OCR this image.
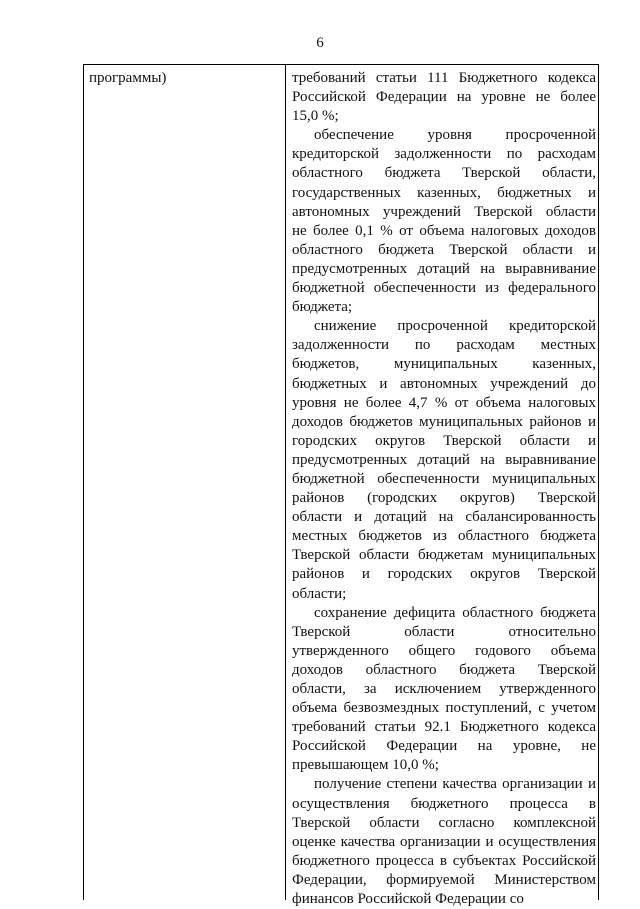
6
программы)	требований статьи 111 Бюджетного кодекса
Российской Федерации на уровне не более
15,0 %;

обеспечение уровня просроченной
кредиторской задолженности по расходам
областного бюджета Тверской области,
государственных казенных, бюджетных и
автономных учреждений Тверской области
не более 0,1 % от объема налоговых доходов
областного бюджета Тверской области и
предусмотренных дотаций на выравнивание
бюджетной обеспеченности из федерального
бюджета;

снижение просроченной кредиторской
задолженности по расходам местных
бюджетов, муниципальных казенных,
бюджетных и автономных учреждений до
уровня не более 4,7 % от объема налоговых
доходов бюджетов муниципальных районов и
городских округов Тверской области и
предусмотренных дотаций на выравнивание
бюджетной обеспеченности муниципальных
районов (городских округов) Тверской
области и дотаций на сбалансированность
местных бюджетов из областного бюджета
Тверской области бюджетам муниципальных
районов и городских округов Тверской
области;

сохранение дефицита областного бюджета
Тверской области относительно
утвержденного общего годового объема
доходов областного бюджета Тверской
области, за исключением утвержденного
объема безвозмездных поступлений, с учетом
требований статьи 92.1 Бюджетного кодекса
Российской Федерации на уровне, не
превышающем 10,0 %;

получение степени качества организации и
осуществления бюджетного процесса в
Тверской области согласно комплексной
оценке качества организации и осуществления
бюджетного процесса в субъектах Российской
Федерации, формируемой Министерством
финансов Российской Федерации со
